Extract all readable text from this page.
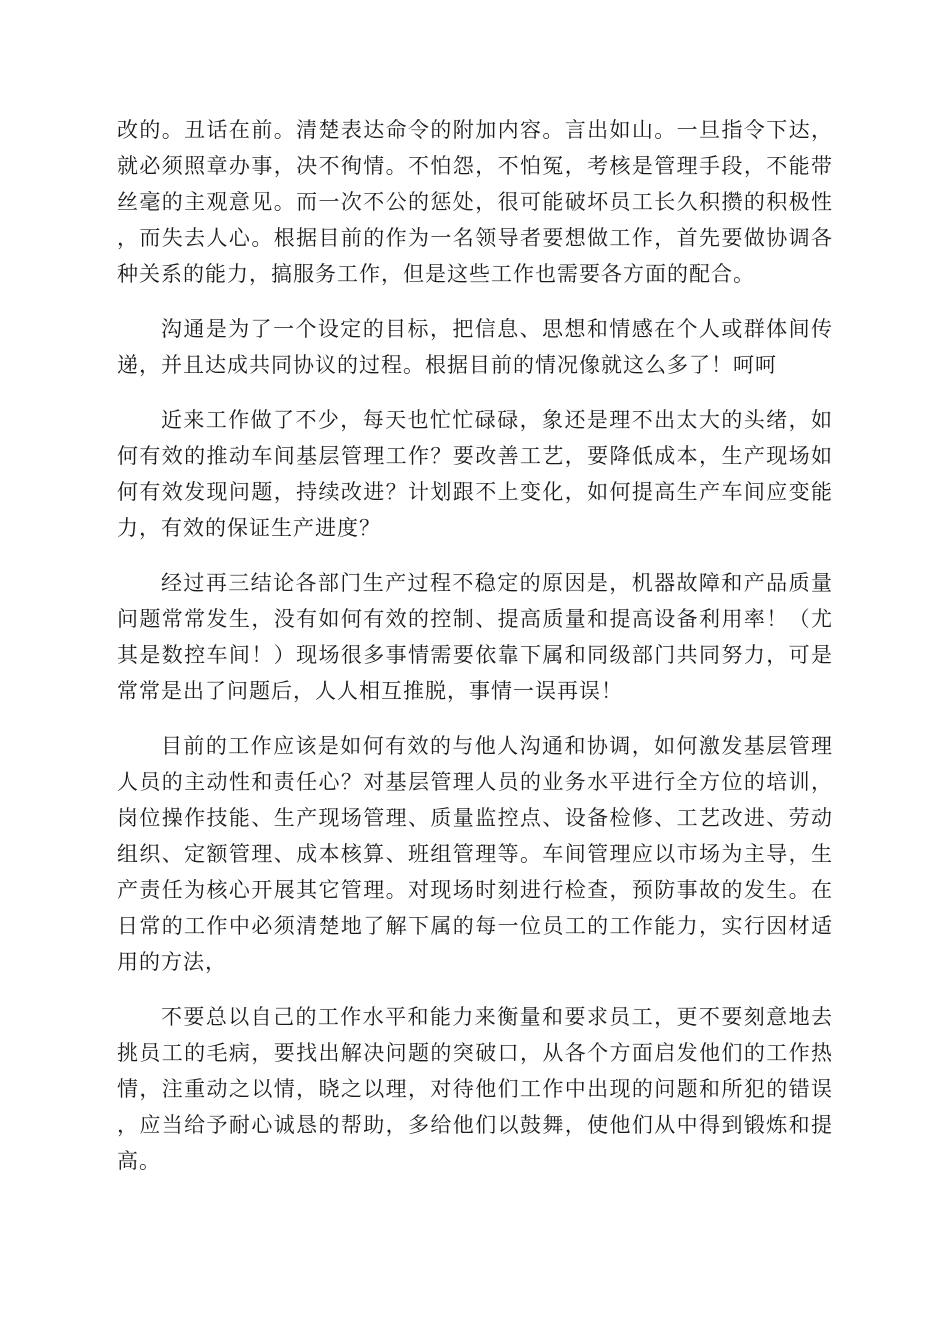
改的。丑话在前。清楚表达命令的附加内容。言出如山。一旦指令下达，就必须照章办事，决不徇情。不怕怨，不怕冤，考核是管理手段，不能带丝毫的主观意见。而一次不公的惩处，很可能破坏员工长久积攒的积极性，而失去人心。根据目前的作为一名领导者要想做工作，首先要做协调各种关系的能力，搞服务工作，但是这些工作也需要各方面的配合。

沟通是为了一个设定的目标，把信息、思想和情感在个人或群体间传递，并且达成共同协议的过程。根据目前的情况像就这么多了！呵呵

近来工作做了不少，每天也忙忙碌碌，象还是理不出太大的头绪，如何有效的推动车间基层管理工作？要改善工艺，要降低成本，生产现场如何有效发现问题，持续改进？计划跟不上变化，如何提高生产车间应变能力，有效的保证生产进度？

经过再三结论各部门生产过程不稳定的原因是，机器故障和产品质量问题常常发生，没有如何有效的控制、提高质量和提高设备利用率！（尤其是数控车间！）现场很多事情需要依靠下属和同级部门共同努力，可是常常是出了问题后，人人相互推脱，事情一误再误！

目前的工作应该是如何有效的与他人沟通和协调，如何激发基层管理人员的主动性和责任心？对基层管理人员的业务水平进行全方位的培训，岗位操作技能、生产现场管理、质量监控点、设备检修、工艺改进、劳动组织、定额管理、成本核算、班组管理等。车间管理应以市场为主导，生产责任为核心开展其它管理。对现场时刻进行检查，预防事故的发生。在日常的工作中必须清楚地了解下属的每一位员工的工作能力，实行因材适用的方法，

不要总以自己的工作水平和能力来衡量和要求员工，更不要刻意地去挑员工的毛病，要找出解决问题的突破口，从各个方面启发他们的工作热情，注重动之以情，晓之以理，对待他们工作中出现的问题和所犯的错误，应当给予耐心诚恳的帮助，多给他们以鼓舞，使他们从中得到锻炼和提高。
